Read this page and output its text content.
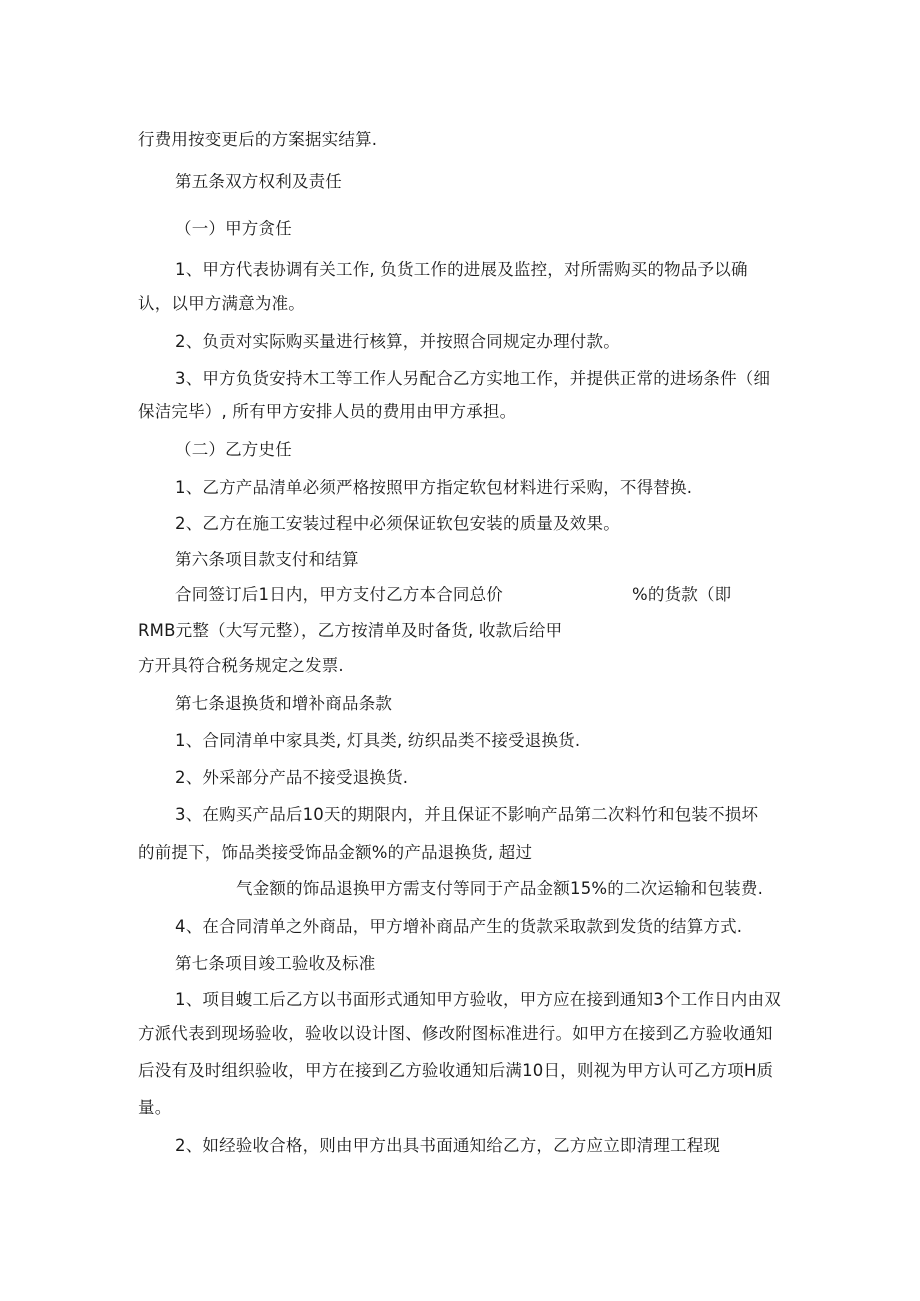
行费用按变更后的方案据实结算.
第五条双方权利及责任
（一）甲方贪任
1、甲方代表协调有关工作, 负货工作的进展及监控，对所需购买的物品予以确
认，以甲方满意为准。
2、负贡对实际购买量进行核算，并按照合同规定办理付款。
3、甲方负货安持木工等工作人另配合乙方实地工作，并提供正常的进场条件（细
保洁完毕）, 所有甲方安排人员的费用由甲方承担。
（二）乙方史任
1、乙方产品清单必须严格按照甲方指定软包材料进行采购，不得替换.
2、乙方在施工安装过程中必须保证软包安装的质量及效果。
第六条项目款支付和结算
合同签订后1日内，甲方支付乙方本合同总价	%的货款（即
RMB元整（大写元整），乙方按清单及时备货, 收款后给甲
方开具符合税务规定之发票.
第七条退换货和增补商品条款
1、合同清单中家具类, 灯具类, 纺织品类不接受退换货.
2、外采部分产品不接受退换货.
3、在购买产品后10天的期限内，并且保证不影响产品第二次料竹和包装不损坏
的前提下，饰品类接受饰品金额%的产品退换货, 超过
气金额的饰品退换甲方需支付等同于产品金额15%的二次运输和包装费.
4、在合同清单之外商品，甲方增补商品产生的货款采取款到发货的结算方式.
第七条项目竣工验收及标准
1、项目蝮工后乙方以书面形式通知甲方验收，甲方应在接到通知3个工作日内由双
方派代表到现场验收，验收以设计图、修改附图标准进行。如甲方在接到乙方验收通知
后没有及时组织验收，甲方在接到乙方验收通知后满10日，则视为甲方认可乙方项H质
量。
2、如经验收合格，则由甲方出具书面通知给乙方，乙方应立即清理工程现
